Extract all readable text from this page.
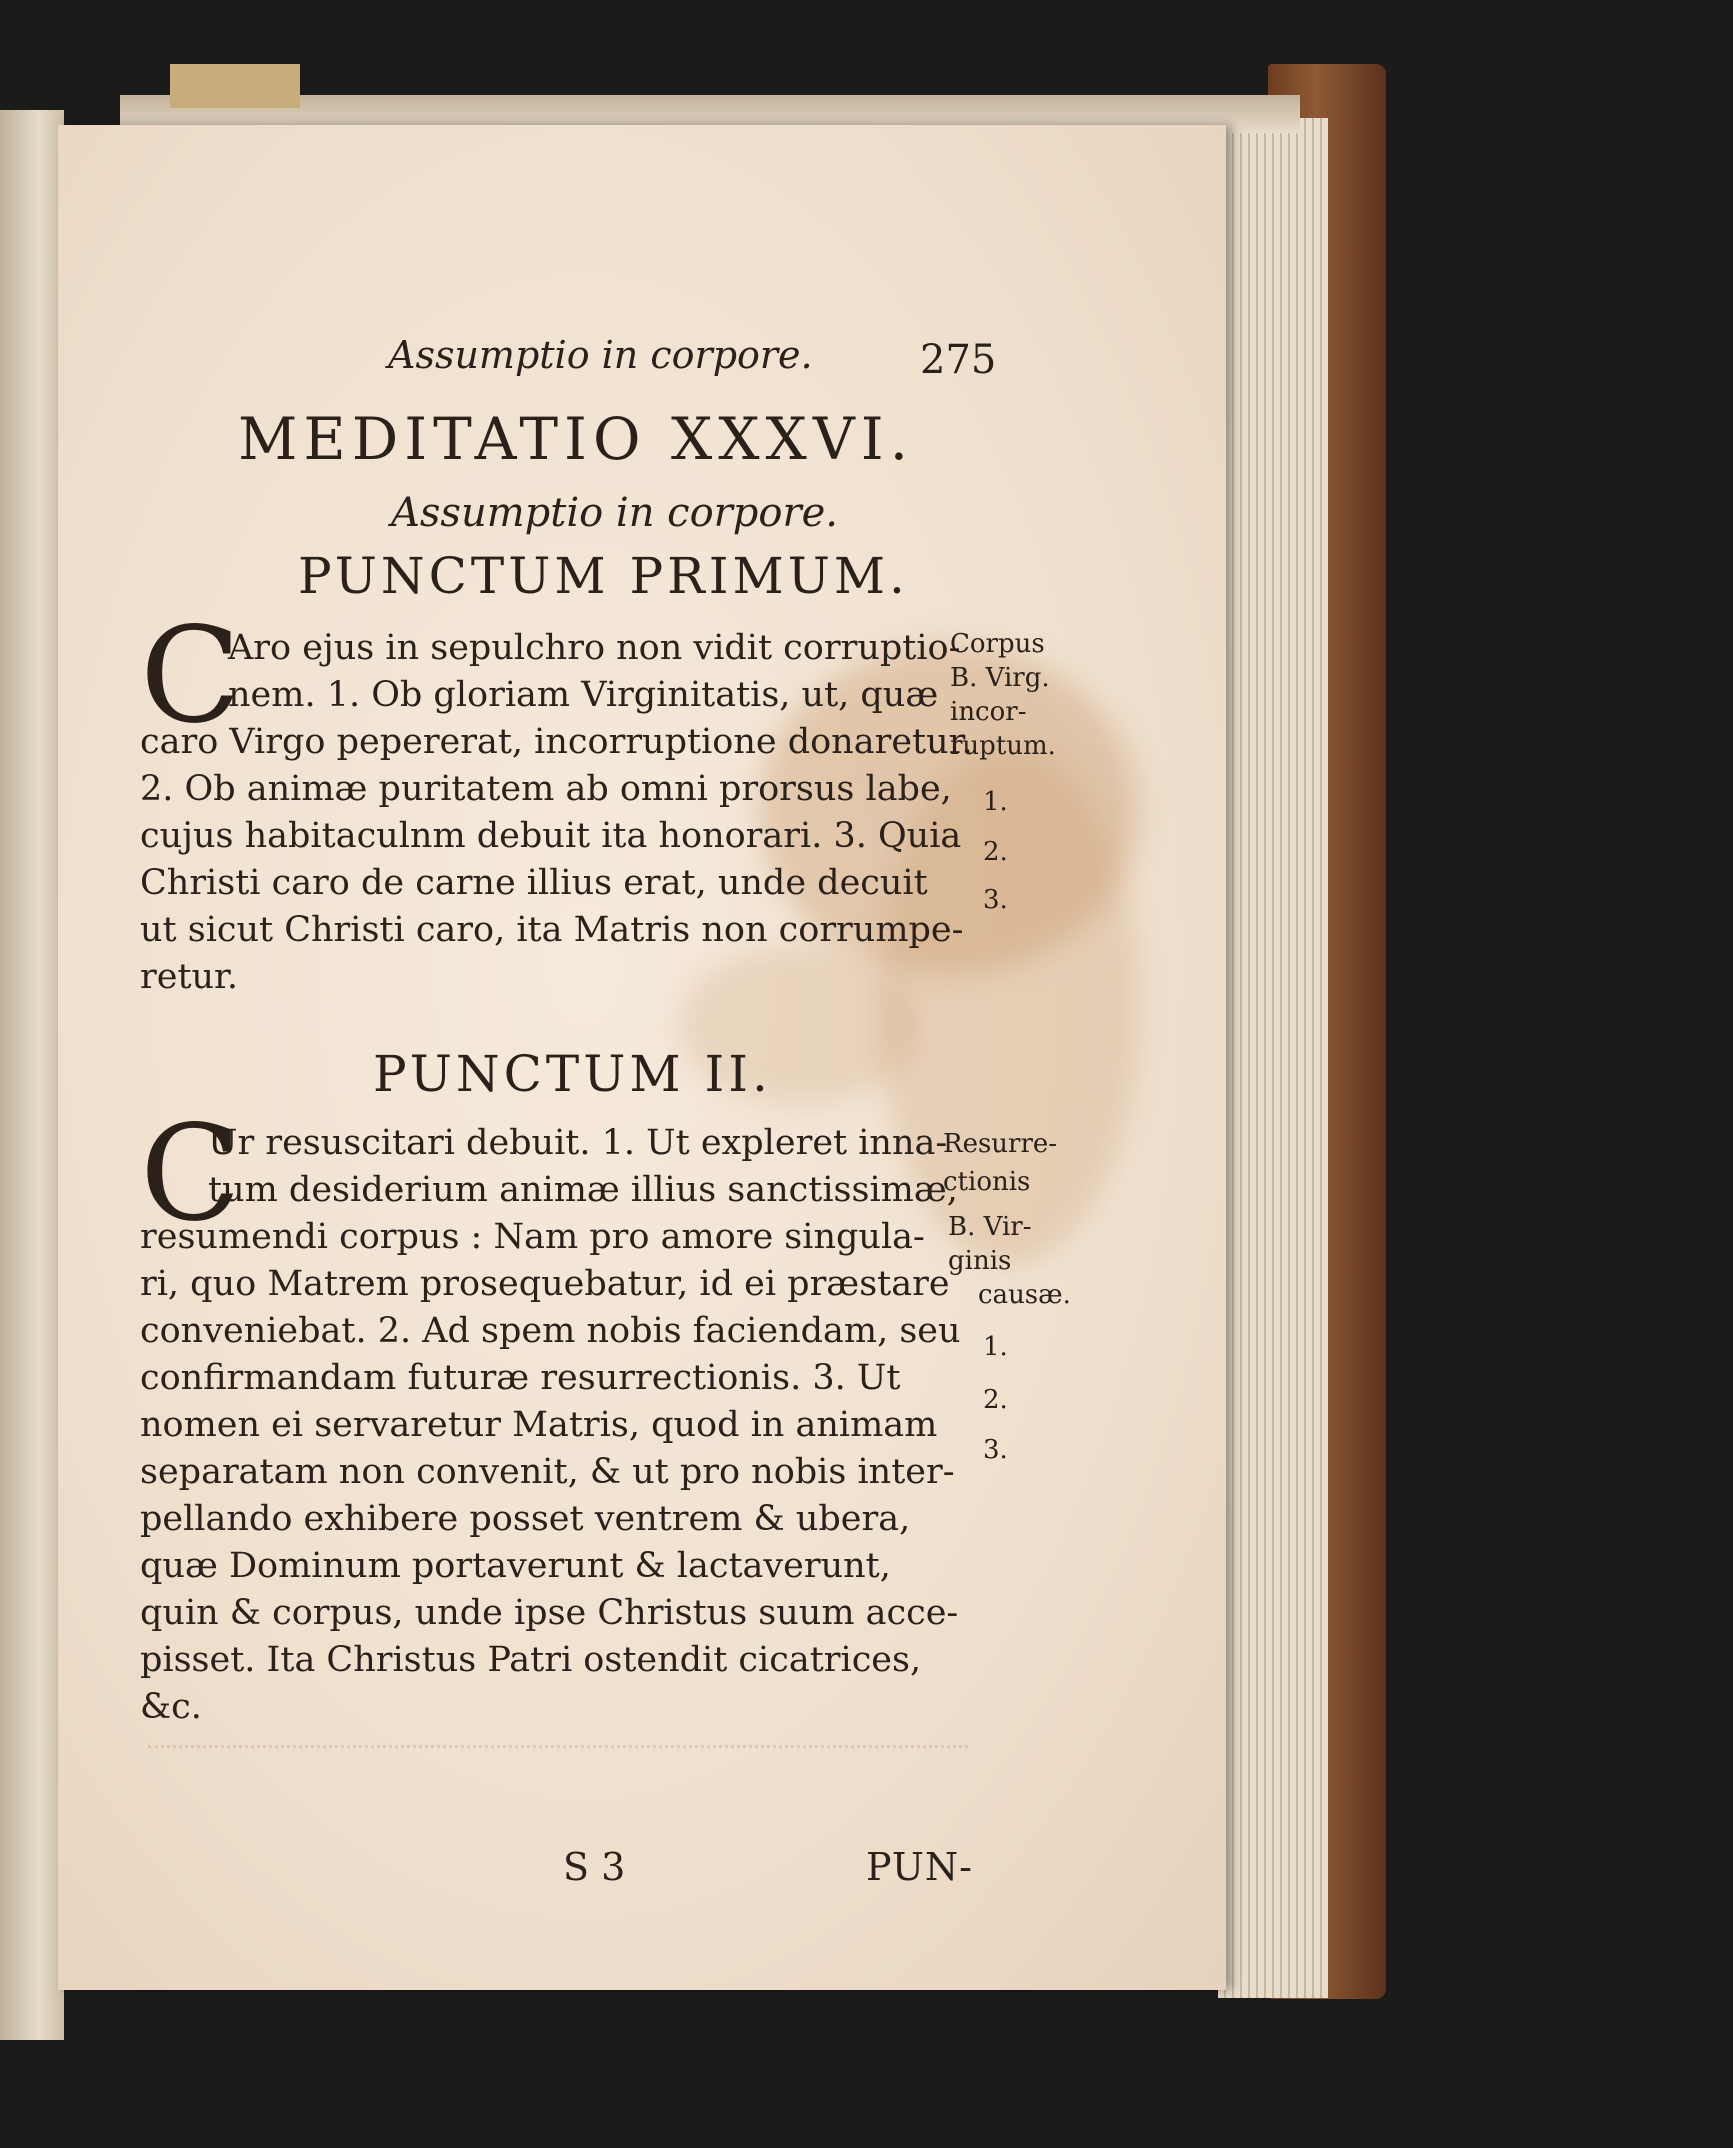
Assumptio in corpore.	275
MEDITATIO XXXVI.
Assumptio in corpore.
PUNCTUM PRIMUM.
C
Aro ejus in sepulchro non vidit corruptio-
nem. 1. Ob gloriam Virginitatis, ut, quæ
caro Virgo pepererat, incorruptione donaretur.
2. Ob animæ puritatem ab omni prorsus labe,
cujus habitaculnm debuit ita honorari. 3. Quia
Christi caro de carne illius erat, unde decuit
ut sicut Christi caro, ita Matris non corrumpe-
retur.
Corpus
B. Virg.
incor-
ruptum.
1.
2.
3.
PUNCTUM II.
C
Ur resuscitari debuit. 1. Ut expleret inna-
tum desiderium animæ illius sanctissimæ,
resumendi corpus : Nam pro amore singula-
ri, quo Matrem prosequebatur, id ei præstare
conveniebat. 2. Ad spem nobis faciendam, seu
confirmandam futuræ resurrectionis. 3. Ut
nomen ei servaretur Matris, quod in animam
separatam non convenit, & ut pro nobis inter-
pellando exhibere posset ventrem & ubera,
quæ Dominum portaverunt & lactaverunt,
quin & corpus, unde ipse Christus suum acce-
pisset. Ita Christus Patri ostendit cicatrices,
&c.
Resurre-
ctionis
B. Vir-
ginis
causæ.
1.
2.
3.
S 3	PUN-
